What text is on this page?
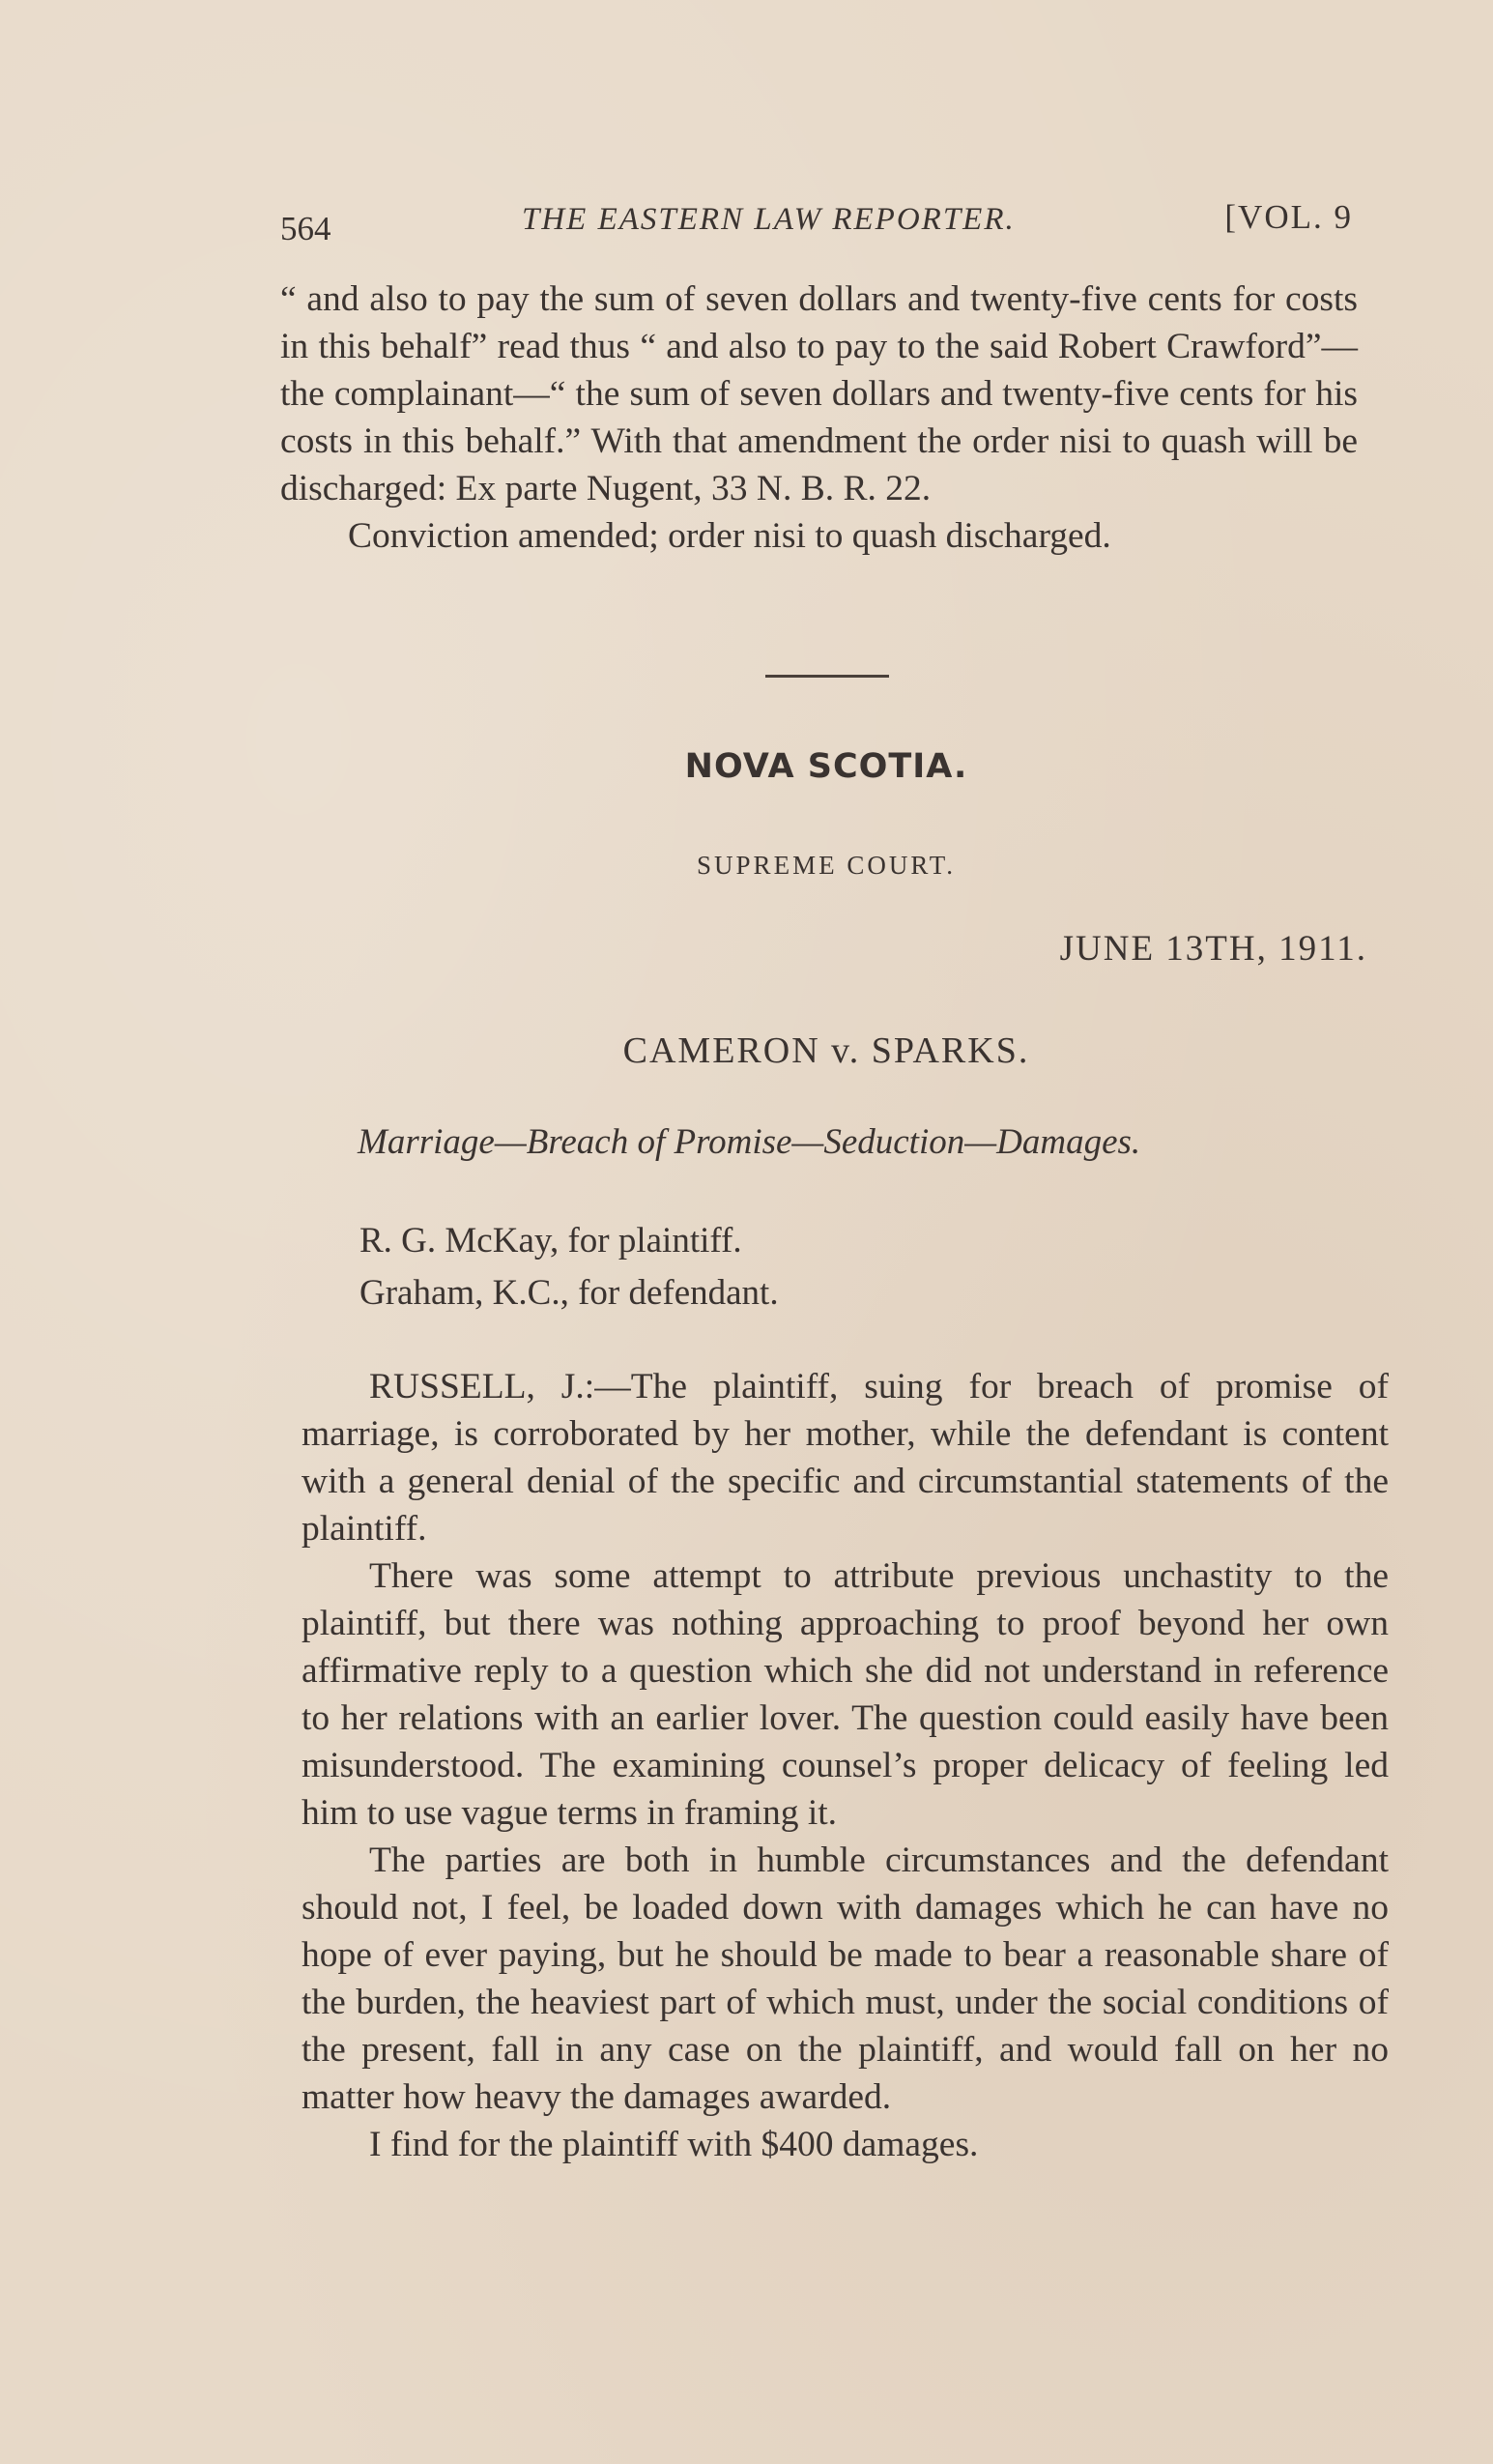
564	THE EASTERN LAW REPORTER.	[VOL. 9

“ and also to pay the sum of seven dollars and twenty-five cents for costs in this behalf” read thus “ and also to pay to the said Robert Crawford”—the complainant—“ the sum of seven dollars and twenty-five cents for his costs in this behalf.” With that amendment the order nisi to quash will be discharged: Ex parte Nugent, 33 N. B. R. 22.

Conviction amended; order nisi to quash discharged.

NOVA SCOTIA.
SUPREME COURT.
JUNE 13TH, 1911.
CAMERON v. SPARKS.
Marriage—Breach of Promise—Seduction—Damages.
R. G. McKay, for plaintiff.
Graham, K.C., for defendant.

RUSSELL, J.:—The plaintiff, suing for breach of promise of marriage, is corroborated by her mother, while the defendant is content with a general denial of the specific and circumstantial statements of the plaintiff.

There was some attempt to attribute previous unchastity to the plaintiff, but there was nothing approaching to proof beyond her own affirmative reply to a question which she did not understand in reference to her relations with an earlier lover. The question could easily have been misunderstood. The examining counsel’s proper delicacy of feeling led him to use vague terms in framing it.

The parties are both in humble circumstances and the defendant should not, I feel, be loaded down with damages which he can have no hope of ever paying, but he should be made to bear a reasonable share of the burden, the heaviest part of which must, under the social conditions of the present, fall in any case on the plaintiff, and would fall on her no matter how heavy the damages awarded.

I find for the plaintiff with $400 damages.
